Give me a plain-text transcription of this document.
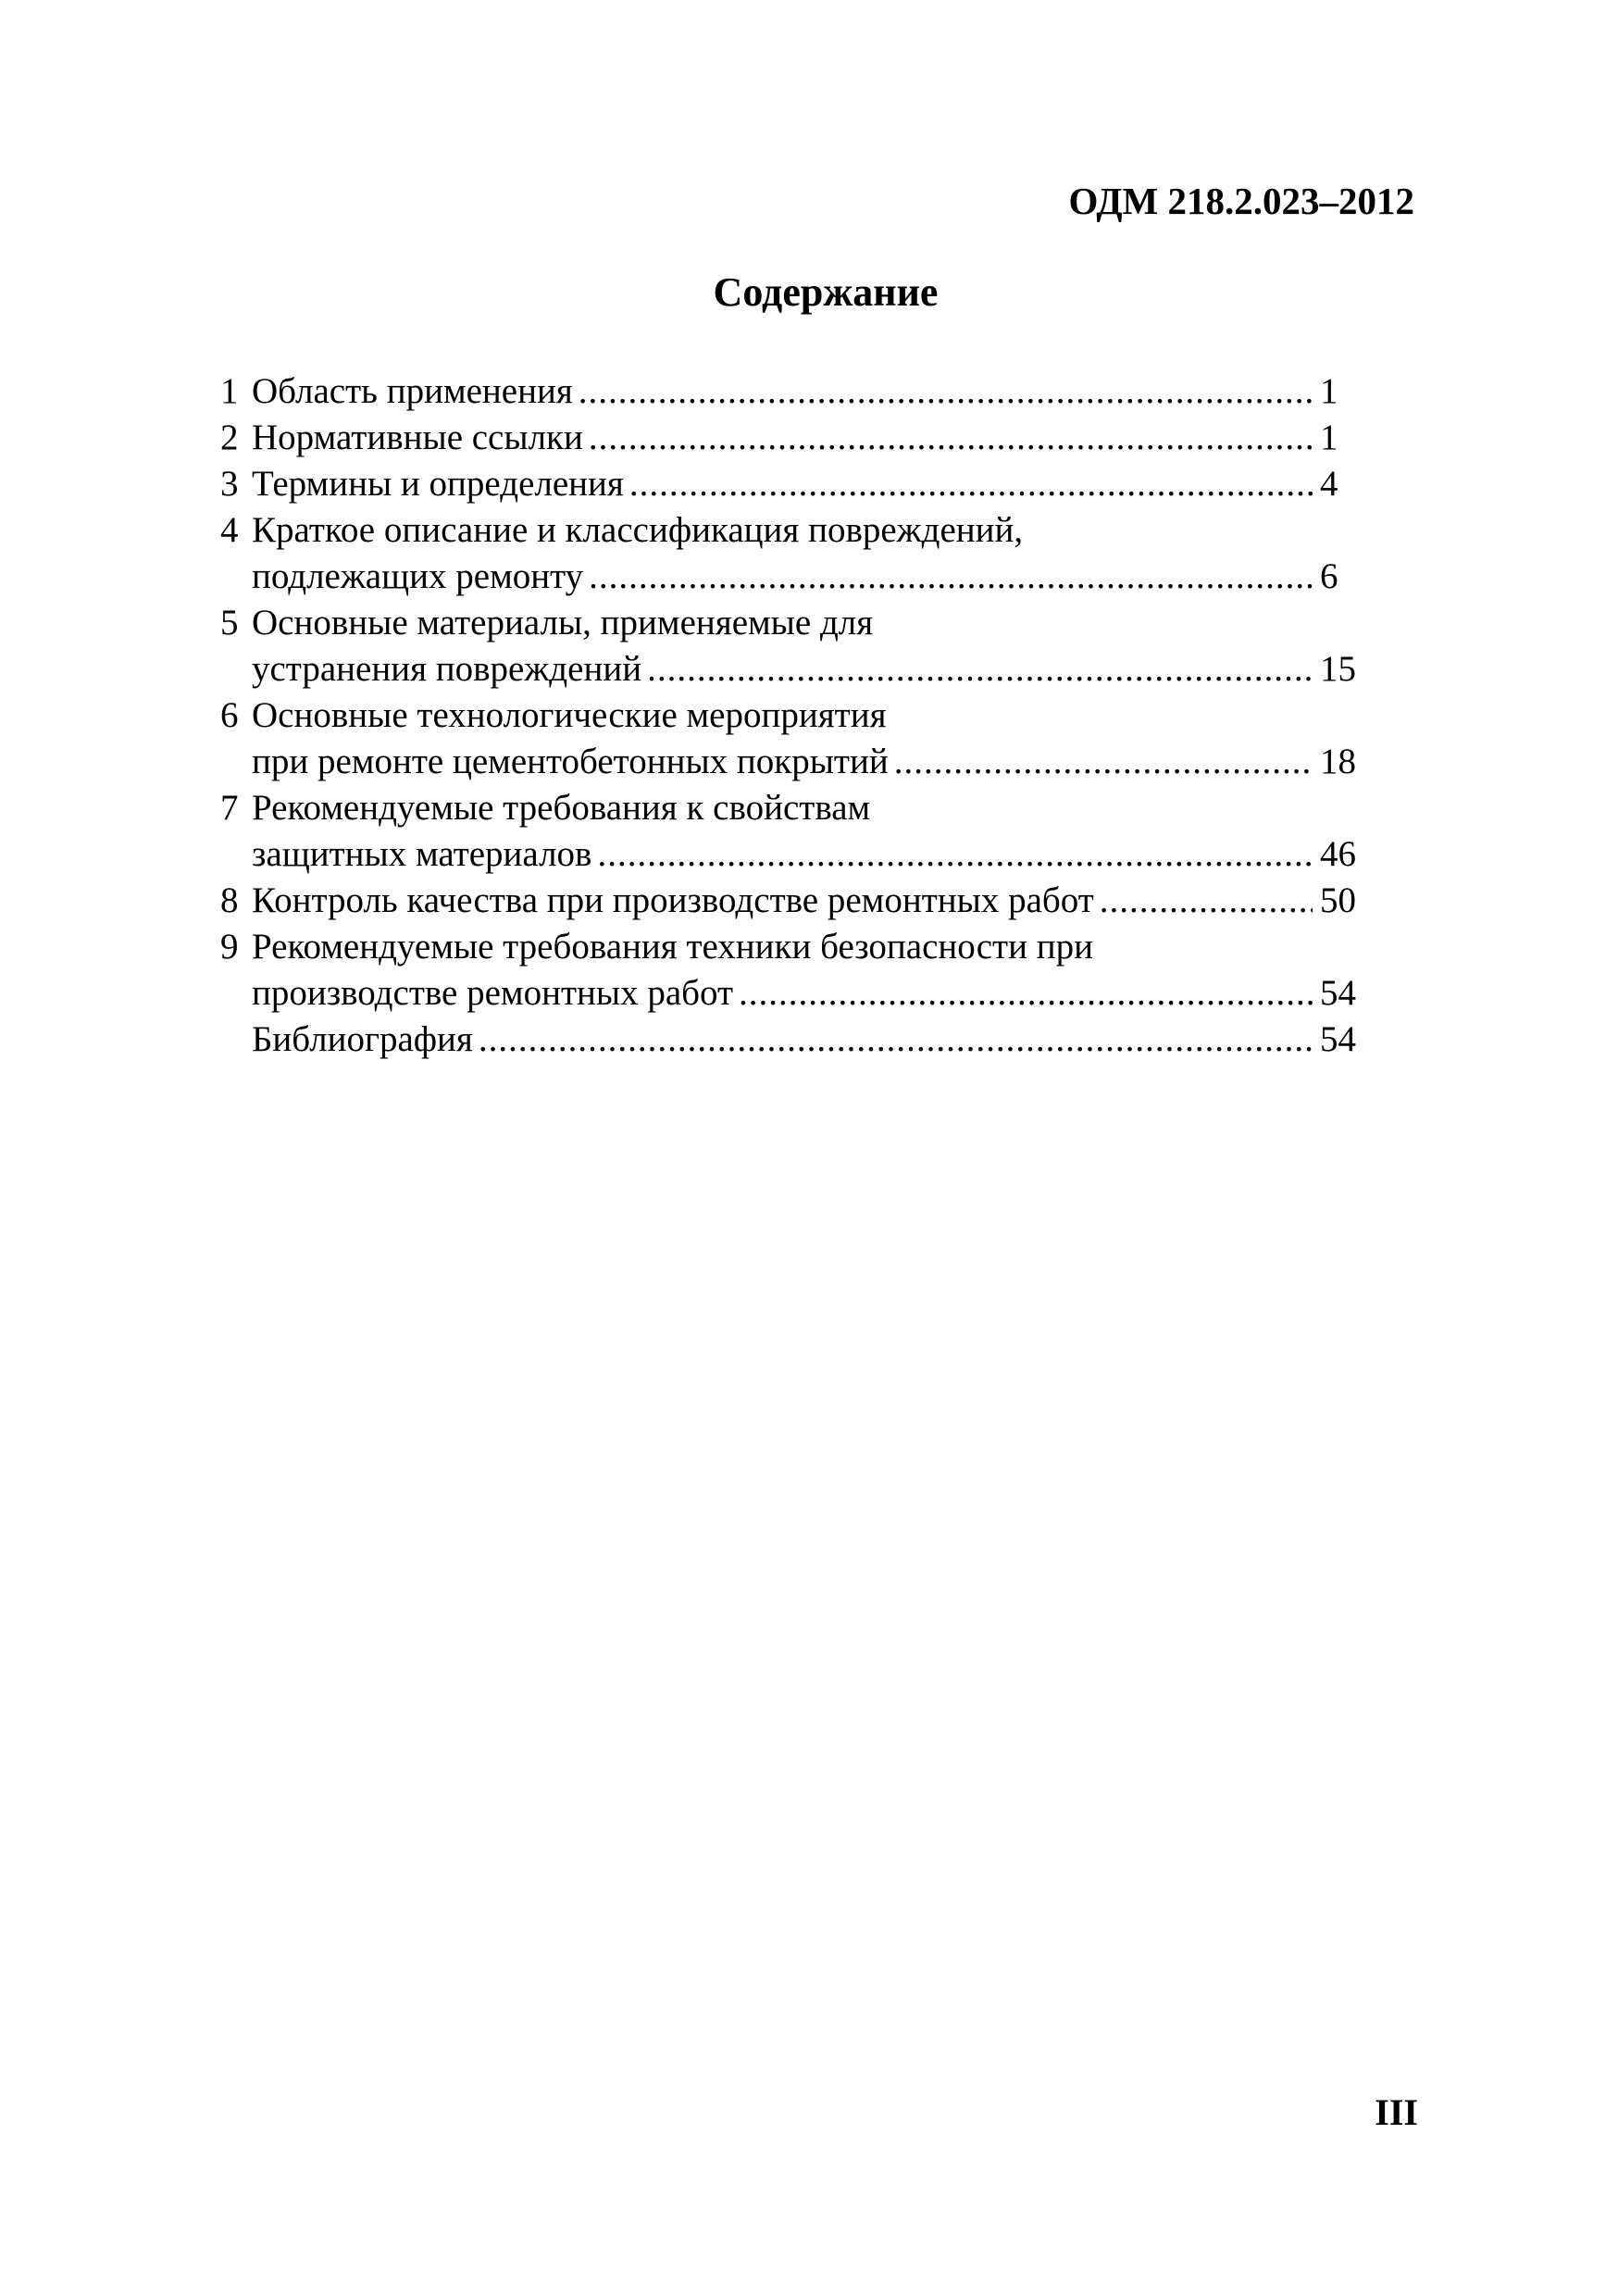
ОДМ 218.2.023–2012
Содержание
1 Область применения .....	1
2 Нормативные ссылки .....	1
3 Термины и определения .....	4
4 Краткое описание и классификация повреждений,
подлежащих ремонту .....	6
5 Основные материалы, применяемые для
устранения повреждений .....	15
6 Основные технологические мероприятия
при ремонте цементобетонных покрытий .....	18
7 Рекомендуемые требования к свойствам
защитных материалов .....	46
8 Контроль качества при производстве ремонтных работ .....	50
9 Рекомендуемые требования техники безопасности при
производстве ремонтных работ .....	54
Библиография .....	54
III
